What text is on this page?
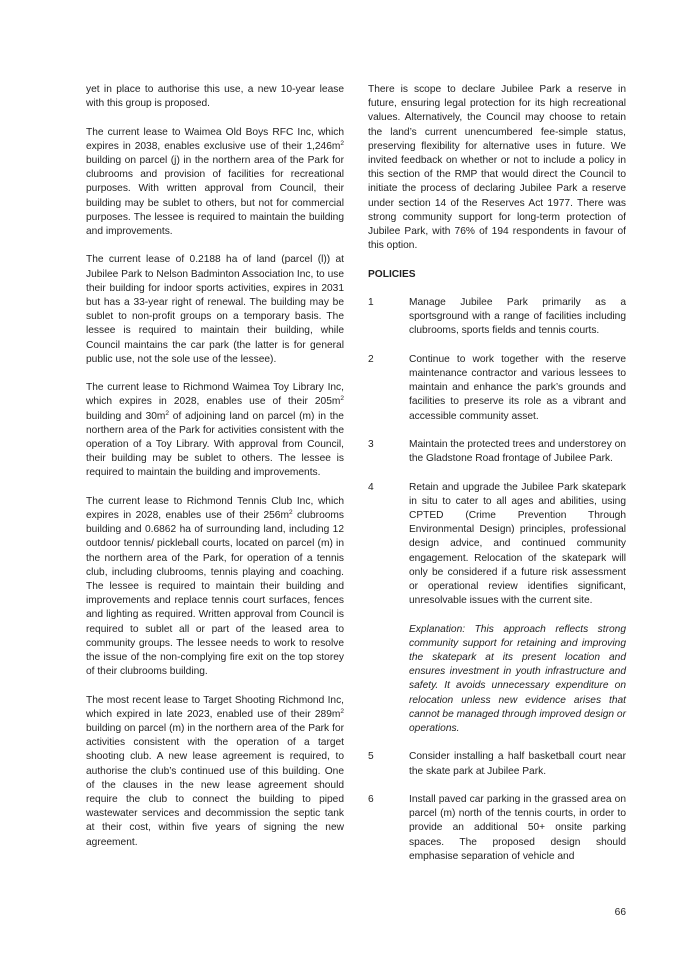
yet in place to authorise this use, a new 10-year lease with this group is proposed.

The current lease to Waimea Old Boys RFC Inc, which expires in 2038, enables exclusive use of their $1,246m^2$ building on parcel (j) in the northern area of the Park for clubrooms and provision of facilities for recreational purposes. With written approval from Council, their building may be sublet to others, but not for commercial purposes. The lessee is required to maintain the building and improvements.

The current lease of 0.2188 ha of land (parcel (l)) at Jubilee Park to Nelson Badminton Association Inc, to use their building for indoor sports activities, expires in 2031 but has a 33-year right of renewal. The building may be sublet to non-profit groups on a temporary basis. The lessee is required to maintain their building, while Council maintains the car park (the latter is for general public use, not the sole use of the lessee).

The current lease to Richmond Waimea Toy Library Inc, which expires in 2028, enables use of their $205m^2$ building and $30m^2$ of adjoining land on parcel (m) in the northern area of the Park for activities consistent with the operation of a Toy Library. With approval from Council, their building may be sublet to others. The lessee is required to maintain the building and improvements.

The current lease to Richmond Tennis Club Inc, which expires in 2028, enables use of their $256m^2$ clubrooms building and 0.6862 ha of surrounding land, including 12 outdoor tennis/ pickleball courts, located on parcel (m) in the northern area of the Park, for operation of a tennis club, including clubrooms, tennis playing and coaching. The lessee is required to maintain their building and improvements and replace tennis court surfaces, fences and lighting as required. Written approval from Council is required to sublet all or part of the leased area to community groups. The lessee needs to work to resolve the issue of the non-complying fire exit on the top storey of their clubrooms building.

The most recent lease to Target Shooting Richmond Inc, which expired in late 2023, enabled use of their $289m^2$ building on parcel (m) in the northern area of the Park for activities consistent with the operation of a target shooting club. A new lease agreement is required, to authorise the club’s continued use of this building. One of the clauses in the new lease agreement should require the club to connect the building to piped wastewater services and decommission the septic tank at their cost, within five years of signing the new agreement.

There is scope to declare Jubilee Park a reserve in future, ensuring legal protection for its high recreational values. Alternatively, the Council may choose to retain the land’s current unencumbered fee-simple status, preserving flexibility for alternative uses in future. We invited feedback on whether or not to include a policy in this section of the RMP that would direct the Council to initiate the process of declaring Jubilee Park a reserve under section 14 of the Reserves Act 1977. There was strong community support for long-term protection of Jubilee Park, with 76% of 194 respondents in favour of this option.

POLICIES
1	Manage Jubilee Park primarily as a sportsground with a range of facilities including clubrooms, sports fields and tennis courts.

2	Continue to work together with the reserve maintenance contractor and various lessees to maintain and enhance the park’s grounds and facilities to preserve its role as a vibrant and accessible community asset.

3	Maintain the protected trees and understorey on the Gladstone Road frontage of Jubilee Park.

4	Retain and upgrade the Jubilee Park skatepark in situ to cater to all ages and abilities, using CPTED (Crime Prevention Through Environmental Design) principles, professional design advice, and continued community engagement. Relocation of the skatepark will only be considered if a future risk assessment or operational review identifies significant, unresolvable issues with the current site.

Explanation: This approach reflects strong community support for retaining and improving the skatepark at its present location and ensures investment in youth infrastructure and safety. It avoids unnecessary expenditure on relocation unless new evidence arises that cannot be managed through improved design or operations.

5	Consider installing a half basketball court near the skate park at Jubilee Park.

6	Install paved car parking in the grassed area on parcel (m) north of the tennis courts, in order to provide an additional 50+ onsite parking spaces. The proposed design should emphasise separation of vehicle and

66
